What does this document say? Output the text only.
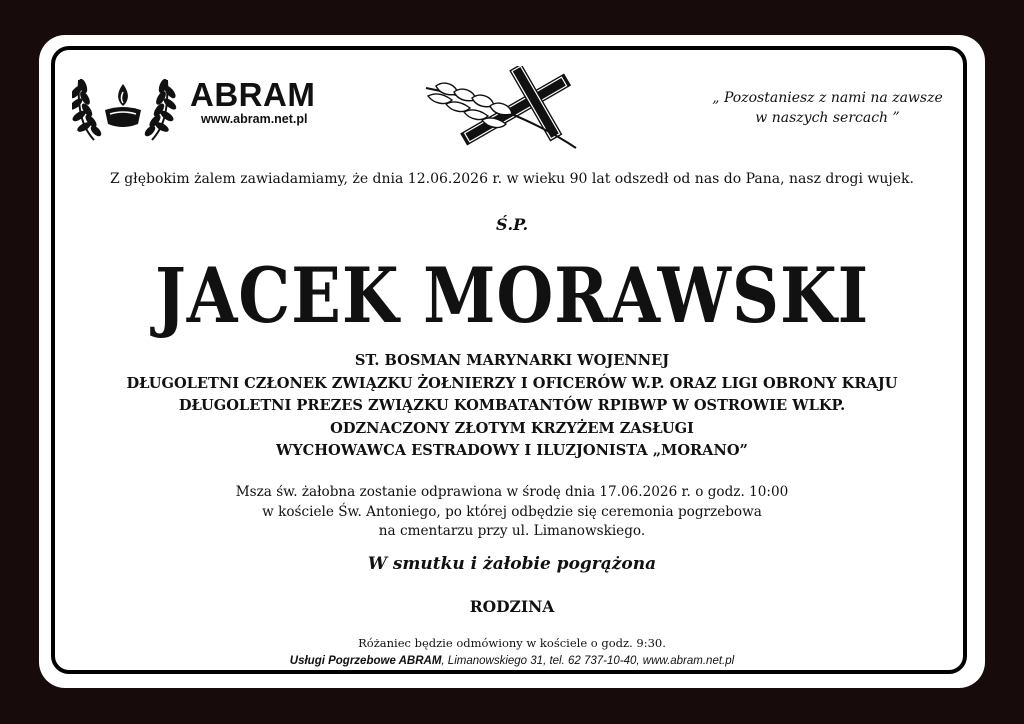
ABRAM
www.abram.net.pl
„ Pozostaniesz z nami na zawsze
w naszych sercach ”
Z głębokim żalem zawiadamiamy, że dnia 12.06.2026 r. w wieku 90 lat odszedł od nas do Pana, nasz drogi wujek.
Ś.P.
JACEK MORAWSKI
ST. BOSMAN MARYNARKI WOJENNEJ
DŁUGOLETNI CZŁONEK ZWIĄZKU ŻOŁNIERZY I OFICERÓW W.P. ORAZ LIGI OBRONY KRAJU
DŁUGOLETNI PREZES ZWIĄZKU KOMBATANTÓW RPIBWP W OSTROWIE WLKP.
ODZNACZONY ZŁOTYM KRZYŻEM ZASŁUGI
WYCHOWAWCA ESTRADOWY I ILUZJONISTA „MORANO”
Msza św. żałobna zostanie odprawiona w środę dnia 17.06.2026 r. o godz. 10:00
w kościele Św. Antoniego, po której odbędzie się ceremonia pogrzebowa
na cmentarzu przy ul. Limanowskiego.
W smutku i żałobie pogrążona
RODZINA
Różaniec będzie odmówiony w kościele o godz. 9:30.
Usługi Pogrzebowe ABRAM, Limanowskiego 31, tel. 62 737-10-40, www.abram.net.pl
